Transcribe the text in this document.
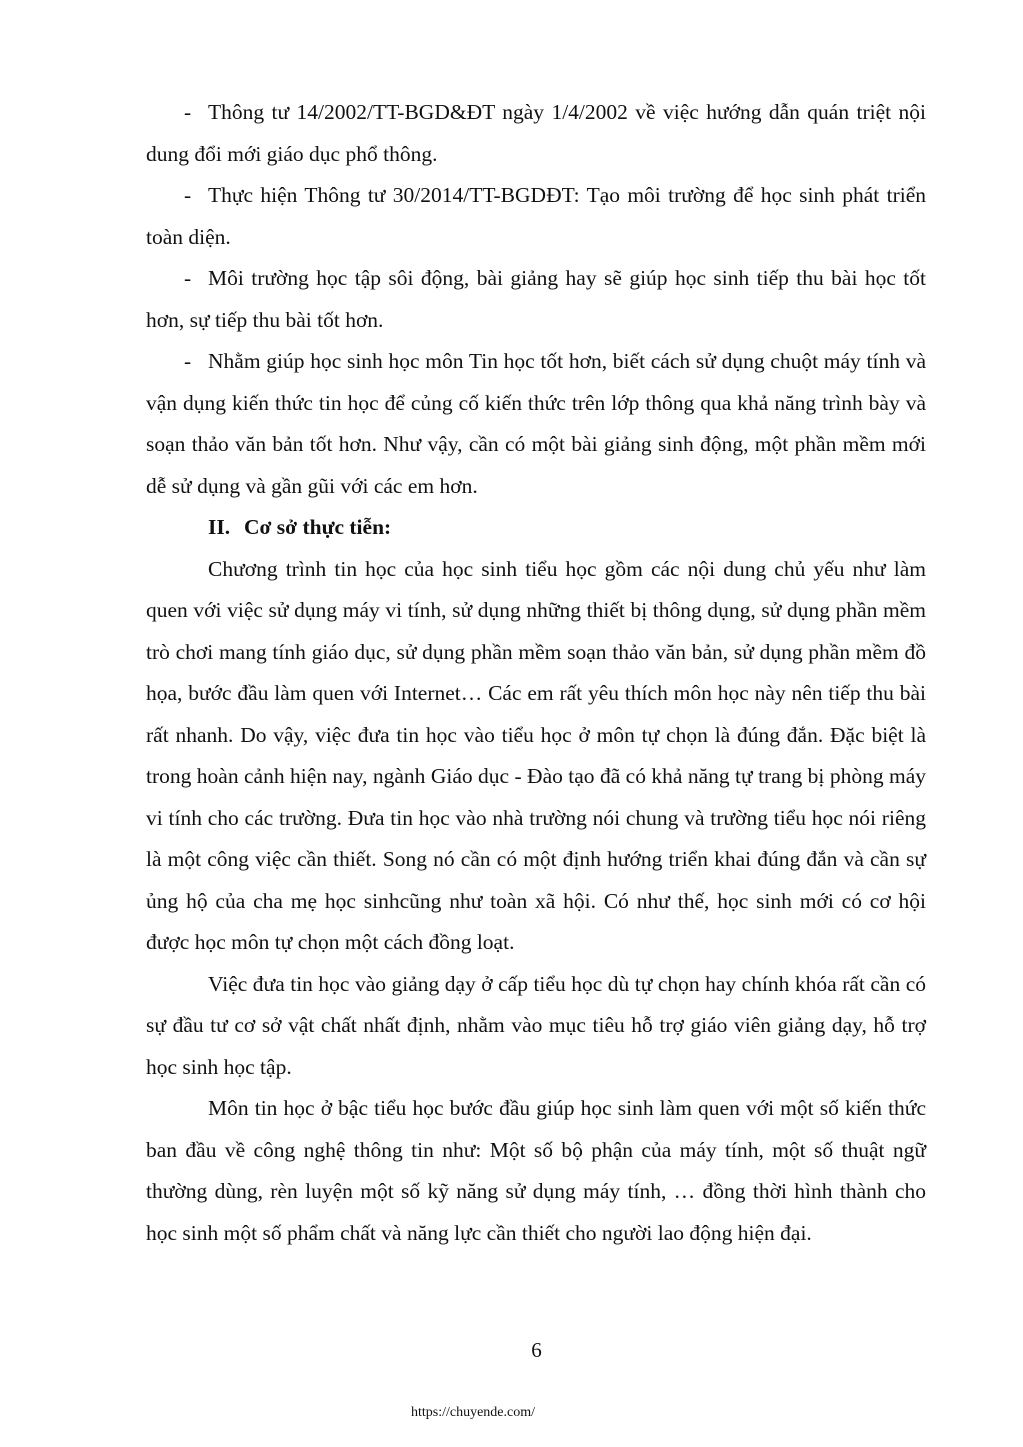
- Thông tư 14/2002/TT-BGD&ĐT ngày 1/4/2002 về việc hướng dẫn quán triệt nội dung đổi mới giáo dục phổ thông.

- Thực hiện Thông tư 30/2014/TT-BGDĐT: Tạo môi trường để học sinh phát triển toàn diện.

- Môi trường học tập sôi động, bài giảng hay sẽ giúp học sinh tiếp thu bài học tốt hơn, sự tiếp thu bài tốt hơn.

- Nhằm giúp học sinh học môn Tin học tốt hơn, biết cách sử dụng chuột máy tính và vận dụng kiến thức tin học để củng cố kiến thức trên lớp thông qua khả năng trình bày và soạn thảo văn bản tốt hơn. Như vậy, cần có một bài giảng sinh động, một phần mềm mới dễ sử dụng và gần gũi với các em hơn.

II. Cơ sở thực tiễn:

Chương trình tin học của học sinh tiểu học gồm các nội dung chủ yếu như làm quen với việc sử dụng máy vi tính, sử dụng những thiết bị thông dụng, sử dụng phần mềm trò chơi mang tính giáo dục, sử dụng phần mềm soạn thảo văn bản, sử dụng phần mềm đồ họa, bước đầu làm quen với Internet… Các em rất yêu thích môn học này nên tiếp thu bài rất nhanh. Do vậy, việc đưa tin học vào tiểu học ở môn tự chọn là đúng đắn. Đặc biệt là trong hoàn cảnh hiện nay, ngành Giáo dục - Đào tạo đã có khả năng tự trang bị phòng máy vi tính cho các trường. Đưa tin học vào nhà trường nói chung và trường tiểu học nói riêng là một công việc cần thiết. Song nó cần có một định hướng triển khai đúng đắn và cần sự ủng hộ của cha mẹ học sinhcũng như toàn xã hội. Có như thế, học sinh mới có cơ hội được học môn tự chọn một cách đồng loạt.

Việc đưa tin học vào giảng dạy ở cấp tiểu học dù tự chọn hay chính khóa rất cần có sự đầu tư cơ sở vật chất nhất định, nhằm vào mục tiêu hỗ trợ giáo viên giảng dạy, hỗ trợ học sinh học tập.

Môn tin học ở bậc tiểu học bước đầu giúp học sinh làm quen với một số kiến thức ban đầu về công nghệ thông tin như: Một số bộ phận của máy tính, một số thuật ngữ thường dùng, rèn luyện một số kỹ năng sử dụng máy tính, … đồng thời hình thành cho học sinh một số phẩm chất và năng lực cần thiết cho người lao động hiện đại.

6
https://chuyende.com/
